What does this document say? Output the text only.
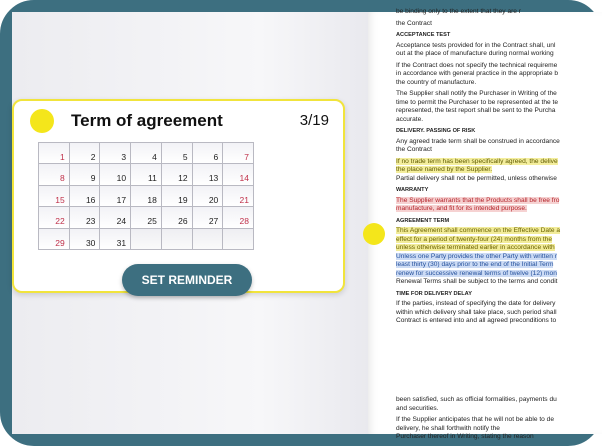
be binding only to the extent that they are r

the Contract

ACCEPTANCE TEST

Acceptance tests provided for in the Contract shall, unl

out at the place of manufacture during normal working

If the Contract does not specify the technical requireme

in accordance with general practice in the appropriate b

the country of manufacture.

The Supplier shall notify the Purchaser in Writing of the

time to permit the Purchaser to be represented at the te

represented, the test report shall be sent to the Purcha

accurate.

DELIVERY. PASSING OF RISK

Any agreed trade term shall be construed in accordance

the Contract

If no trade term has been specifically agreed, the delive

the place named by the Supplier.

Partial delivery shall not be permitted, unless otherwise

WARRANTY

The Supplier warrants that the Products shall be free fro

manufacture, and fit for its intended purpose.

AGREEMENT TERM

This Agreement shall commence on the Effective Date a

effect for a period of twenty-four (24) months from the

unless otherwise terminated earlier in accordance with

Unless one Party provides the other Party with written r

least thirty (30) days prior to the end of the Initial Term

renew for successive renewal terms of twelve (12) mon

Renewal Terms shall be subject to the terms and condit

TIME FOR DELIVERY DELAY

If the parties, instead of specifying the date for delivery

within which delivery shall take place, such period shall

Contract is entered into and all agreed preconditions to

been satisfied, such as official formalities, payments du

and securities.

If the Supplier anticipates that he will not be able to de

delivery, he shall forthwith notify the

Purchaser thereof in Writing, stating the reason

Term of agreement	3/19
1	2	3	4	5	6	7
8	9	10	11	12	13	14
15	16	17	18	19	20	21
22	23	24	25	26	27	28
29	30	31
SET REMINDER
